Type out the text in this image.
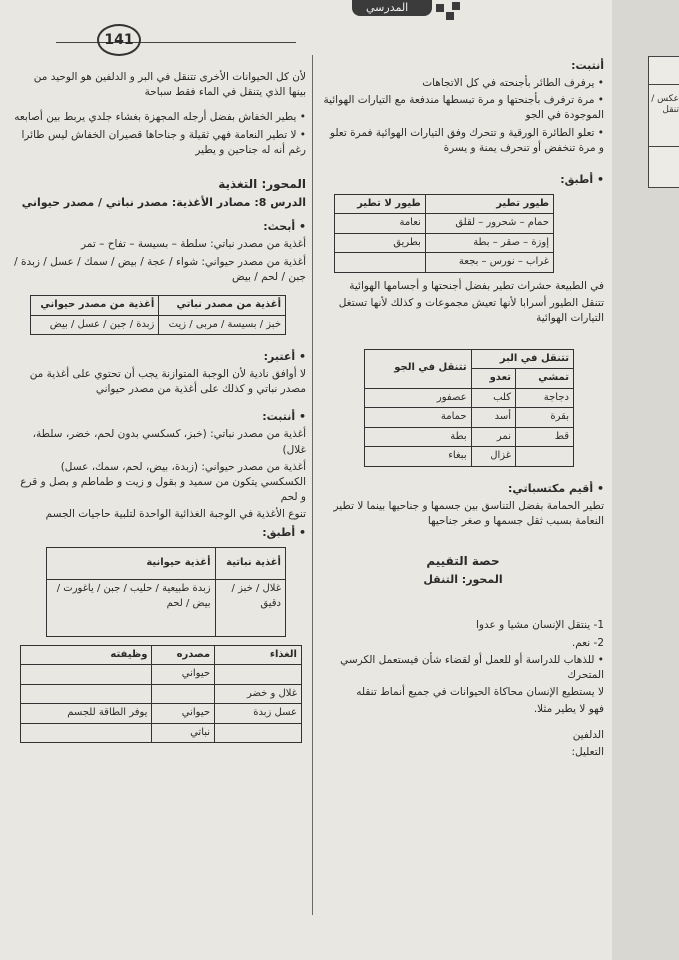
المدرسي
141

أنتبت:

• يرفرف الطائر بأجنحته في كل الاتجاهات

• مرة ترفرف بأجنحتها و مرة تبسطها مندفعة مع التيارات الهوائية الموجودة في الجو

• تعلو الطائرة الورقية و تتحرك وفق التيارات الهوائية فمرة تعلو و مرة تنخفض أو تنحرف يمنة و يسرة

• أطبق:

طيور تطير	طيور لا تطير
حمام – شحرور – لقلق	نعامة
إوزة – صقر – بطة	بطريق
غراب – نورس – بجعة	

في الطبيعة حشرات تطير بفضل أجنحتها و أجسامها الهوائية

تتنقل الطيور أسرابا لأنها تعيش مجموعات و كذلك لأنها تستغل التيارات الهوائية

تتنقل في البر		تتنقل في الجو
تمشي	تعدو	
دجاجة	كلب	عصفور
بقرة	أسد	حمامة
قط	نمر	بطة
	غزال	ببغاء

• أقيم مكتسباتي:

تطير الحمامة بفضل التناسق بين جسمها و جناحيها بينما لا تطير النعامة بسبب ثقل جسمها و صغر جناحيها

حصة التقييم

المحور: التنقل

1- ينتقل الإنسان مشيا و عدوا

2- نعم.

• للذهاب للدراسة أو للعمل أو لقضاء شأن فيستعمل الكرسي المتحرك

لا يستطيع الإنسان محاكاة الحيوانات في جميع أنماط تنقله

فهو لا يطير مثلا.

الدلفين

التعليل:

لأن كل الحيوانات الأخرى تتنقل في البر و الدلفين هو الوحيد من بينها الذي يتنقل في الماء فقط سباحة

• يطير الخفاش بفضل أرجله المجهزة بغشاء جلدي يربط بين أصابعه

• لا تطير النعامة فهي ثقيلة و جناحاها قصيران الخفاش ليس طائرا رغم أنه له جناحين و يطير

المحور: التغذية

الدرس 8: مصادر الأغذية: مصدر نباتي / مصدر حيواني

• أبحث:

أغذية من مصدر نباتي: سلطة – بسيسة – تفاح – تمر

أغذية من مصدر حيواني: شواء / عجة / بيض / سمك / عسل / زبدة / جبن / لحم / بيض

أغذية من مصدر نباتي	أغذية من مصدر حيواني
خبز / بسيسة / مربى / زيت	زبدة / جبن / عسل / بيض

• أعتبر:

لا أوافق نادية لأن الوجبة المتوازنة يجب أن تحتوي على أغذية من مصدر نباتي و كذلك على أغذية من مصدر حيواني

• أنتبت:

أغذية من مصدر نباتي: (خبز، كسكسي بدون لحم، خضر، سلطة، غلال)

أغذية من مصدر حيواني: (زبدة، بيض، لحم، سمك، عسل) الكسكسي يتكون من سميد و بقول و زيت و طماطم و بصل و قرع و لحم

تنوع الأغذية في الوجبة الغذائية الواحدة لتلبية حاجيات الجسم

• أطبق:

أغذية نباتية	أغذية حيوانية
غلال / خبز / دقيق	زبدة طبيعية / حليب / جبن / ياغورت / بيض / لحم
الغذاء	مصدره	وظيفته
	حيواني	
غلال و خضر		
عسل زبدة	حيواني	يوفر الطاقة للجسم
	نباتي	
عكس / تنقل
